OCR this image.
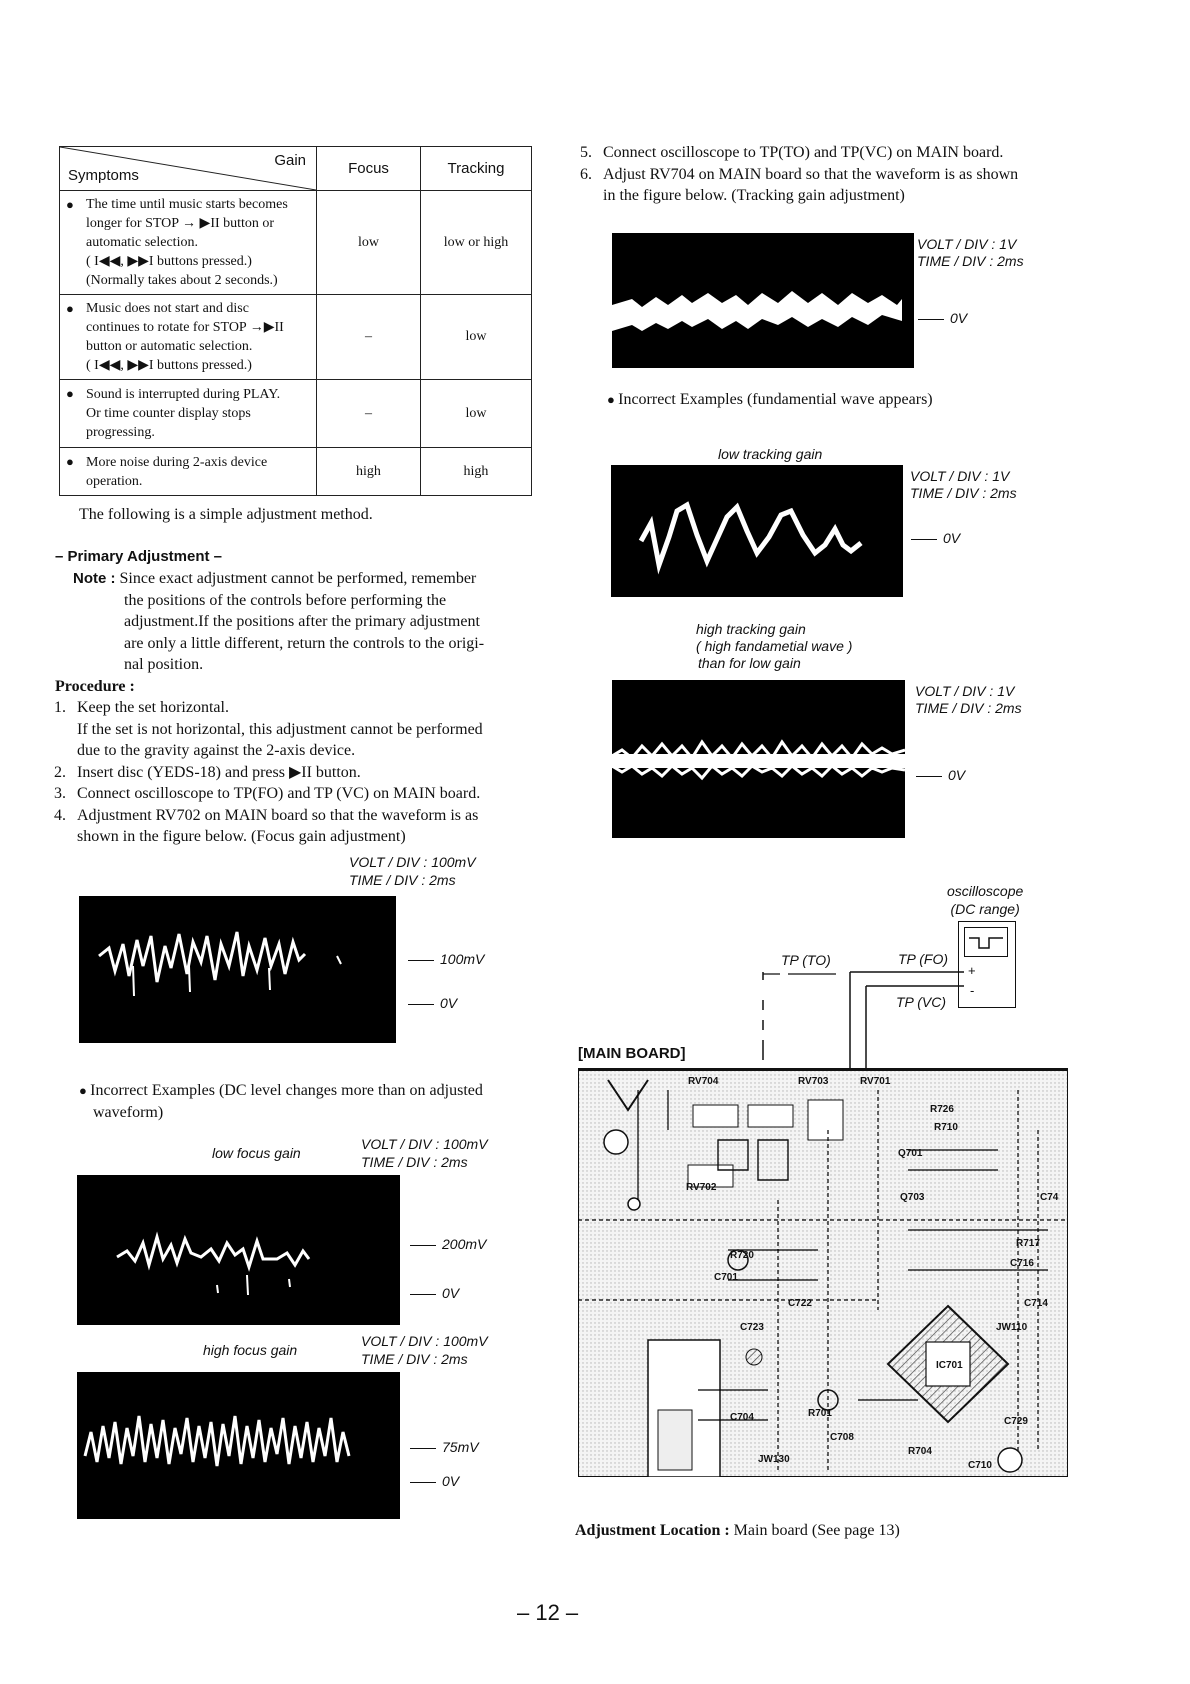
Gain
Symptoms	Focus	Tracking

● The time until music starts becomes
longer for STOP → ▶II button or
automatic selection.
( I◀◀, ▶▶I buttons pressed.)
(Normally takes about 2 seconds.)	low	low or high

● Music does not start and disc
continues to rotate for STOP →▶II
button or automatic selection.
( I◀◀, ▶▶I buttons pressed.)	–	low

● Sound is interrupted during PLAY.
Or time counter display stops
progressing.	–	low

● More noise during 2-axis device
operation.	high	high
The following is a simple adjustment method.
– Primary Adjustment –
Note : Since exact adjustment cannot be performed, remember
the positions of the controls before performing the
adjustment.If the positions after the primary adjustment
are only a little different, return the controls to the origi-
nal position.
Procedure :
1. Keep the set horizontal.
If the set is not horizontal, this adjustment cannot be performed
due to the gravity against the 2-axis device.
2. Insert disc (YEDS-18) and press ▶II button.
3. Connect oscilloscope to TP(FO) and TP (VC) on MAIN board.
4. Adjustment RV702 on MAIN board so that the waveform is as
shown in the figure below. (Focus gain adjustment)
VOLT / DIV : 100mV
TIME / DIV : 2ms
100mV
0V
● Incorrect Examples (DC level changes more than on adjusted
waveform)
low focus gain
VOLT / DIV : 100mV
TIME / DIV : 2ms
200mV
0V
high focus gain
VOLT / DIV : 100mV
TIME / DIV : 2ms
75mV
0V
5. Connect oscilloscope to TP(TO) and TP(VC) on MAIN board.
6. Adjust RV704 on MAIN board so that the waveform is as shown
in the figure below. (Tracking gain adjustment)
VOLT / DIV : 1V
TIME / DIV : 2ms
0V
● Incorrect Examples (fundamential wave appears)
low tracking gain
VOLT / DIV : 1V
TIME / DIV : 2ms
0V
high tracking gain
( high fandametial wave )
than for low gain
VOLT / DIV : 1V
TIME / DIV : 2ms
0V
oscilloscope
(DC range)
+
-
TP (TO)	TP (FO)
TP (VC)
[MAIN BOARD]
RV704	RV703	RV701
RV702
R726
R710
Q701
Q703
IC701
C701
C704	C729
C714
R720
R701
JW130
C723
C722
C708
R704
C710
JW110
R717
C716
C74
Adjustment Location : Main board (See page 13)
– 12 –
